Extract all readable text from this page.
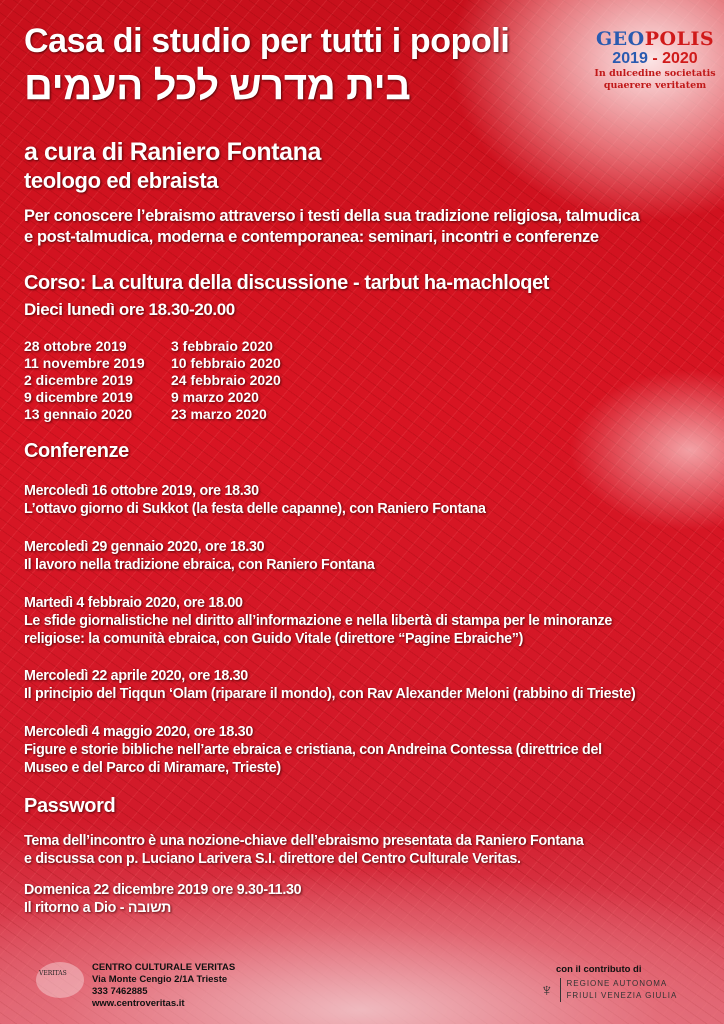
Casa di studio per tutti i popoli
בית מדרש לכל העמים
a cura di Raniero Fontana
teologo ed ebraista
Per conoscere l’ebraismo attraverso i testi della sua tradizione religiosa, talmudica
e post-talmudica, moderna e contemporanea: seminari, incontri e conferenze
GEOPOLIS
2019 - 2020
In dulcedine societatis
quaerere veritatem
Corso: La cultura della discussione - tarbut ha-machloqet
Dieci lunedì ore 18.30-20.00
28 ottobre 2019	3 febbraio 2020
11 novembre 2019	10 febbraio 2020
2 dicembre 2019	24 febbraio 2020
9 dicembre 2019	9 marzo 2020
13 gennaio 2020	23 marzo 2020
Conferenze
Mercoledì 16 ottobre 2019, ore 18.30
L’ottavo giorno di Sukkot (la festa delle capanne), con Raniero Fontana
Mercoledì 29 gennaio 2020, ore 18.30
Il lavoro nella tradizione ebraica, con Raniero Fontana
Martedì 4 febbraio 2020, ore 18.00
Le sfide giornalistiche nel diritto all’informazione e nella libertà di stampa per le minoranze
religiose: la comunità ebraica, con Guido Vitale (direttore “Pagine Ebraiche”)
Mercoledì 22 aprile 2020, ore 18.30
Il principio del Tiqqun ‘Olam (riparare il mondo), con Rav Alexander Meloni (rabbino di Trieste)
Mercoledì 4 maggio 2020, ore 18.30
Figure e storie bibliche nell’arte ebraica e cristiana, con Andreina Contessa (direttrice del
Museo e del Parco di Miramare, Trieste)
Password
Tema dell’incontro è una nozione-chiave dell’ebraismo presentata da Raniero Fontana
e discussa con p. Luciano Larivera S.I. direttore del Centro Culturale Veritas.
Domenica 22 dicembre 2019 ore 9.30-11.30
Il ritorno a Dio - תשובה
VERITAS
CENTRO CULTURALE VERITAS
Via Monte Cengio 2/1A Trieste
333 7462885
www.centroveritas.it
con il contributo di
♆ REGIONE AUTONOMA
FRIULI VENEZIA GIULIA
